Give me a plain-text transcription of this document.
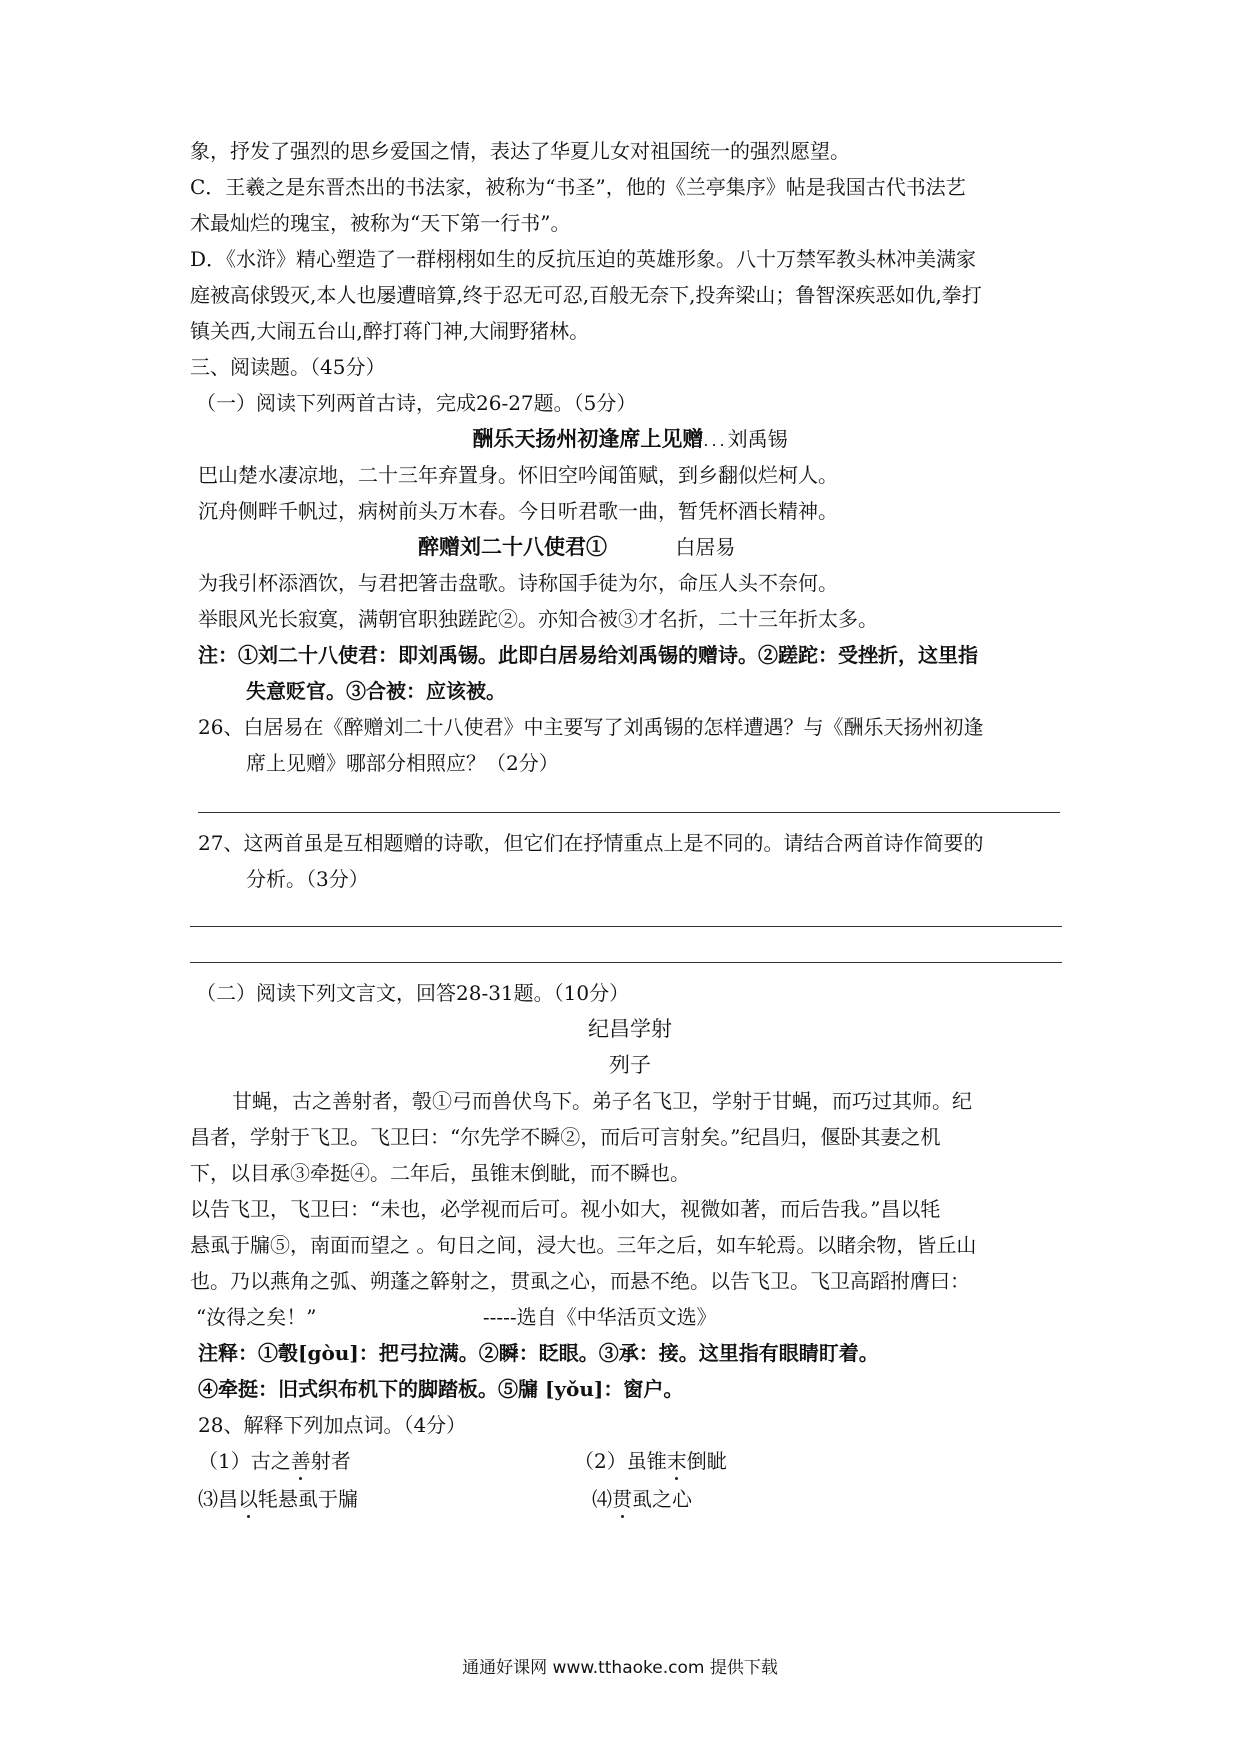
象，抒发了强烈的思乡爱国之情，表达了华夏儿女对祖国统一的强烈愿望。
C．王羲之是东晋杰出的书法家，被称为“书圣”，他的《兰亭集序》帖是我国古代书法艺
术最灿烂的瑰宝，被称为“天下第一行书”。
D．《水浒》精心塑造了一群栩栩如生的反抗压迫的英雄形象。八十万禁军教头林冲美满家
庭被高俅毁灭,本人也屡遭暗算,终于忍无可忍,百般无奈下,投奔梁山；鲁智深疾恶如仇,拳打
镇关西,大闹五台山,醉打蒋门神,大闹野猪林。
三、阅读题。（45分）
（一）阅读下列两首古诗，完成26-27题。（5分）
酬乐天扬州初逢席上见赠...刘禹锡
巴山楚水凄凉地，二十三年弃置身。怀旧空吟闻笛赋，到乡翻似烂柯人。
沉舟侧畔千帆过，病树前头万木春。今日听君歌一曲，暂凭杯酒长精神。
醉赠刘二十八使君①	白居易
为我引杯添酒饮，与君把箸击盘歌。诗称国手徒为尔，命压人头不奈何。
举眼风光长寂寞，满朝官职独蹉跎②。亦知合被③才名折，二十三年折太多。
注：①刘二十八使君：即刘禹锡。此即白居易给刘禹锡的赠诗。②蹉跎：受挫折，这里指
失意贬官。③合被：应该被。
26、白居易在《醉赠刘二十八使君》中主要写了刘禹锡的怎样遭遇？与《酬乐天扬州初逢
席上见赠》哪部分相照应？（2分）
27、这两首虽是互相题赠的诗歌，但它们在抒情重点上是不同的。请结合两首诗作简要的
分析。（3分）
（二）阅读下列文言文，回答28-31题。（10分）
纪昌学射
列子
甘蝇，古之善射者，彀①弓而兽伏鸟下。弟子名飞卫，学射于甘蝇，而巧过其师。纪
昌者，学射于飞卫。飞卫曰：“尔先学不瞬②，而后可言射矣。”纪昌归，偃卧其妻之机
下，以目承③牵挺④。二年后，虽锥末倒眦，而不瞬也。
以告飞卫，飞卫曰：“未也，必学视而后可。视小如大，视微如著，而后告我。”昌以牦
悬虱于牖⑤，南面而望之 。旬日之间，浸大也。三年之后，如车轮焉。以睹余物，皆丘山
也。乃以燕角之弧、朔蓬之簳射之，贯虱之心，而悬不绝。以告飞卫。飞卫高蹈拊膺曰：
“汝得之矣！”	-----选自《中华活页文选》
注释：①彀[gòu]：把弓拉满。②瞬：眨眼。③承：接。这里指有眼睛盯着。
④牵挺：旧式织布机下的脚踏板。⑤牖 [yǒu]：窗户。
28、解释下列加点词。（4分）
（1）古之善射者	（2）虽锥末倒眦
⑶昌以牦悬虱于牖	⑷贯虱之心
通通好课网 www.tthaoke.com 提供下载
